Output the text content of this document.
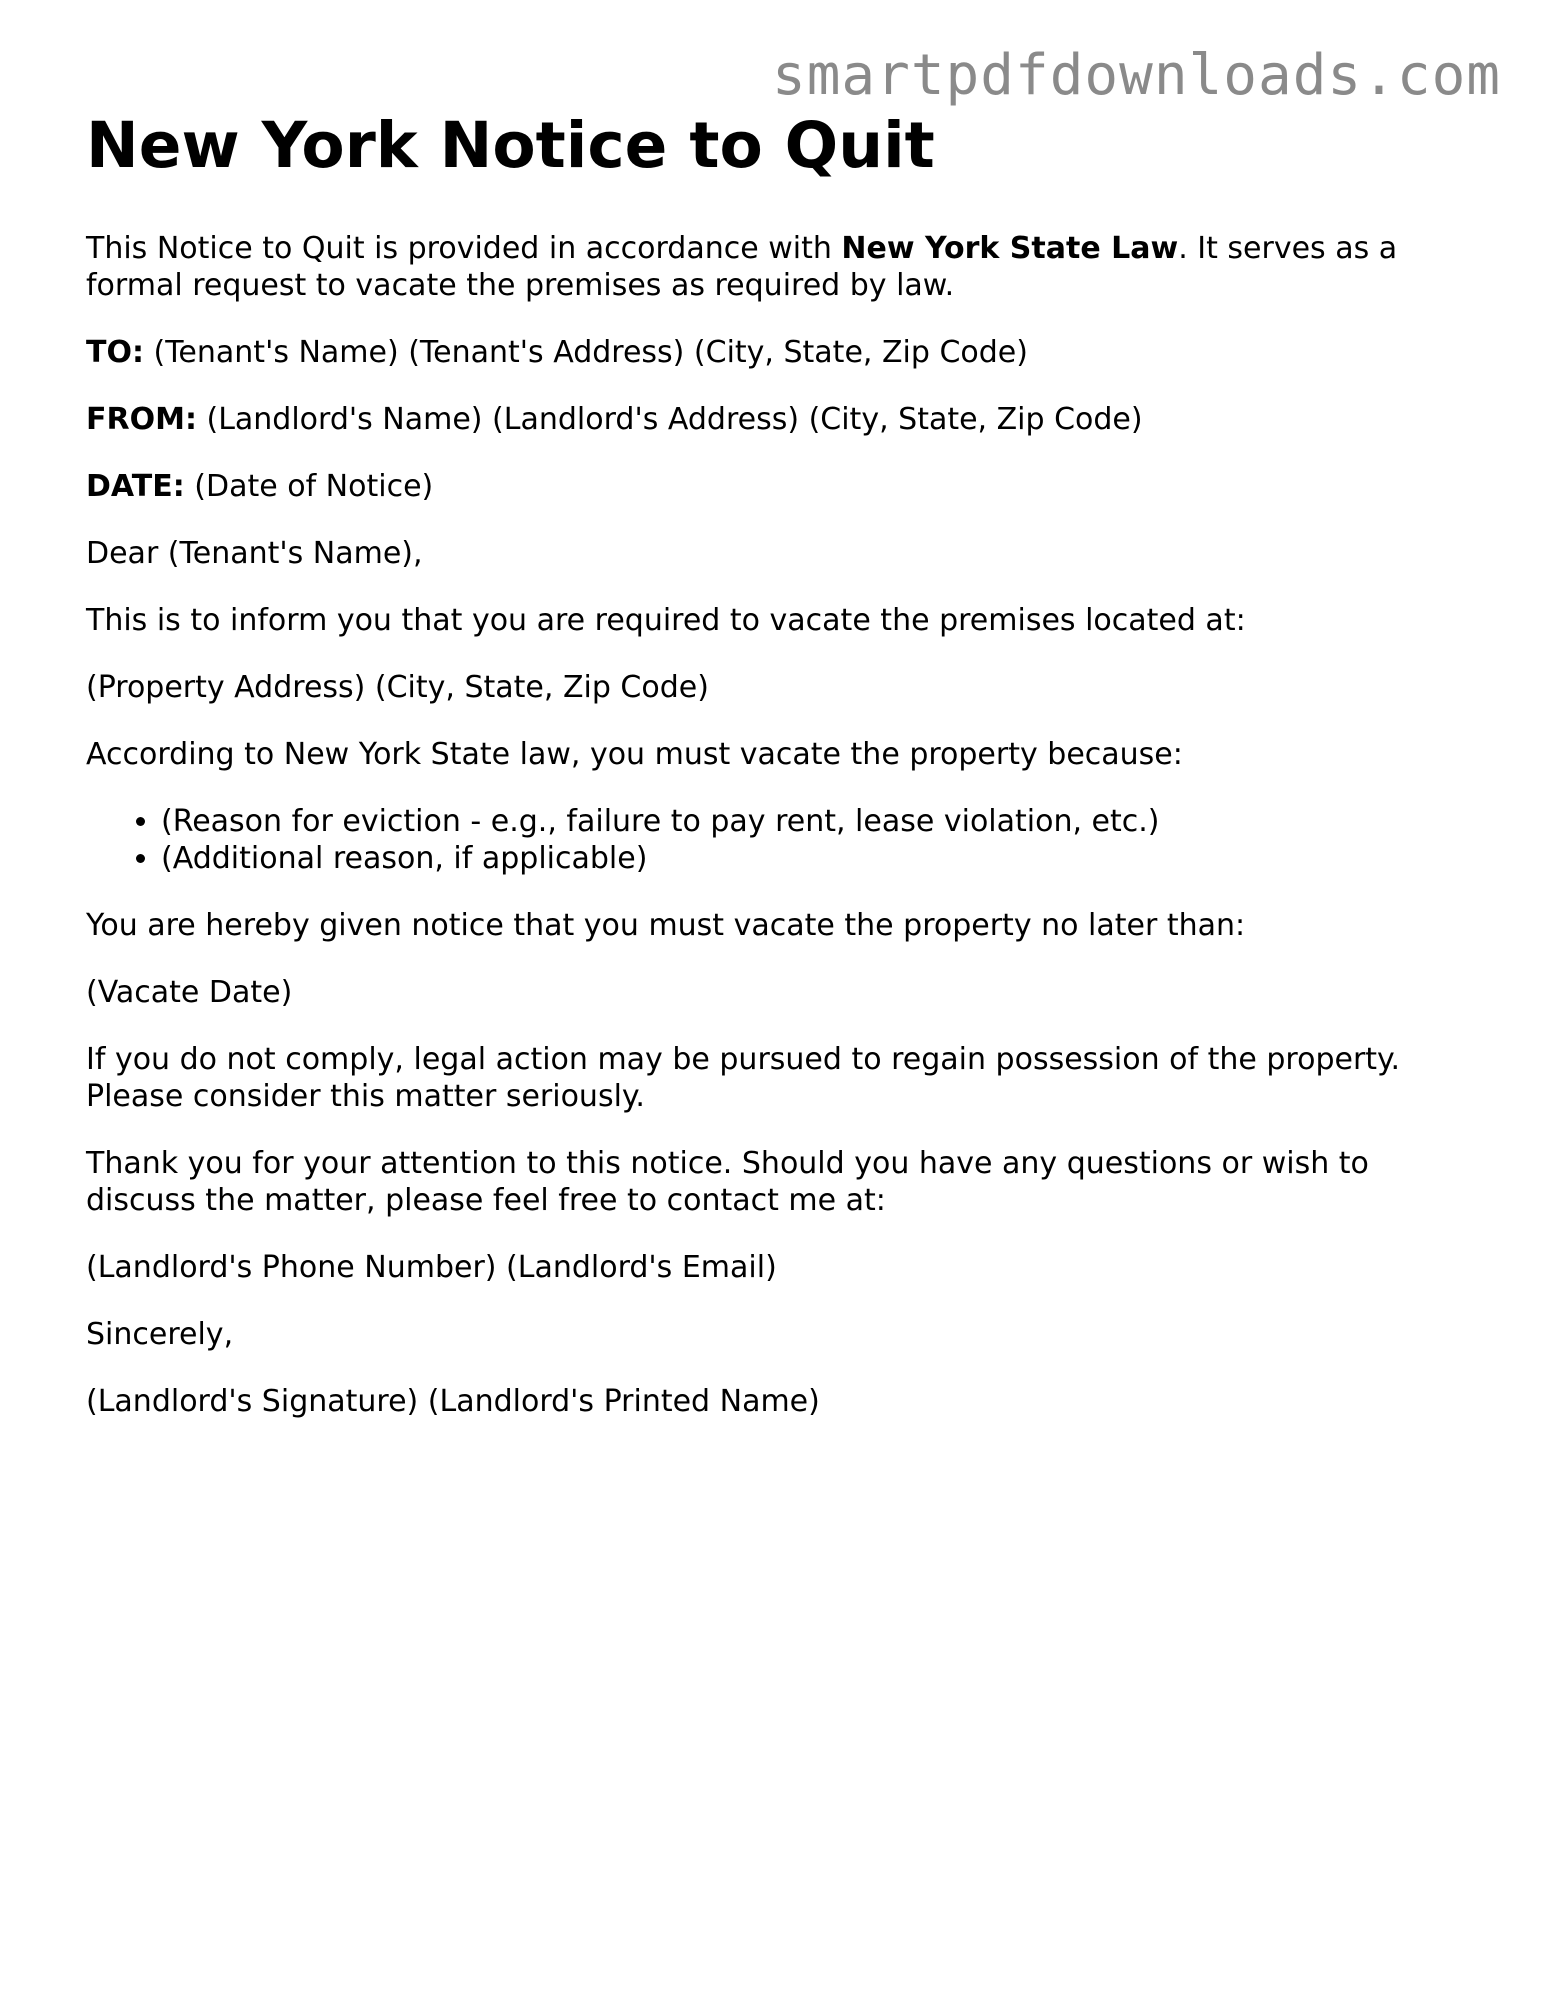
smartpdfdownloads.com
New York Notice to Quit

This Notice to Quit is provided in accordance with New York State Law. It serves as a formal request to vacate the premises as required by law.

TO: (Tenant's Name) (Tenant's Address) (City, State, Zip Code)

FROM: (Landlord's Name) (Landlord's Address) (City, State, Zip Code)

DATE: (Date of Notice)

Dear (Tenant's Name),

This is to inform you that you are required to vacate the premises located at:

(Property Address) (City, State, Zip Code)

According to New York State law, you must vacate the property because:

• (Reason for eviction - e.g., failure to pay rent, lease violation, etc.)
• (Additional reason, if applicable)

You are hereby given notice that you must vacate the property no later than:

(Vacate Date)

If you do not comply, legal action may be pursued to regain possession of the property. Please consider this matter seriously.

Thank you for your attention to this notice. Should you have any questions or wish to discuss the matter, please feel free to contact me at:

(Landlord's Phone Number) (Landlord's Email)

Sincerely,

(Landlord's Signature) (Landlord's Printed Name)
